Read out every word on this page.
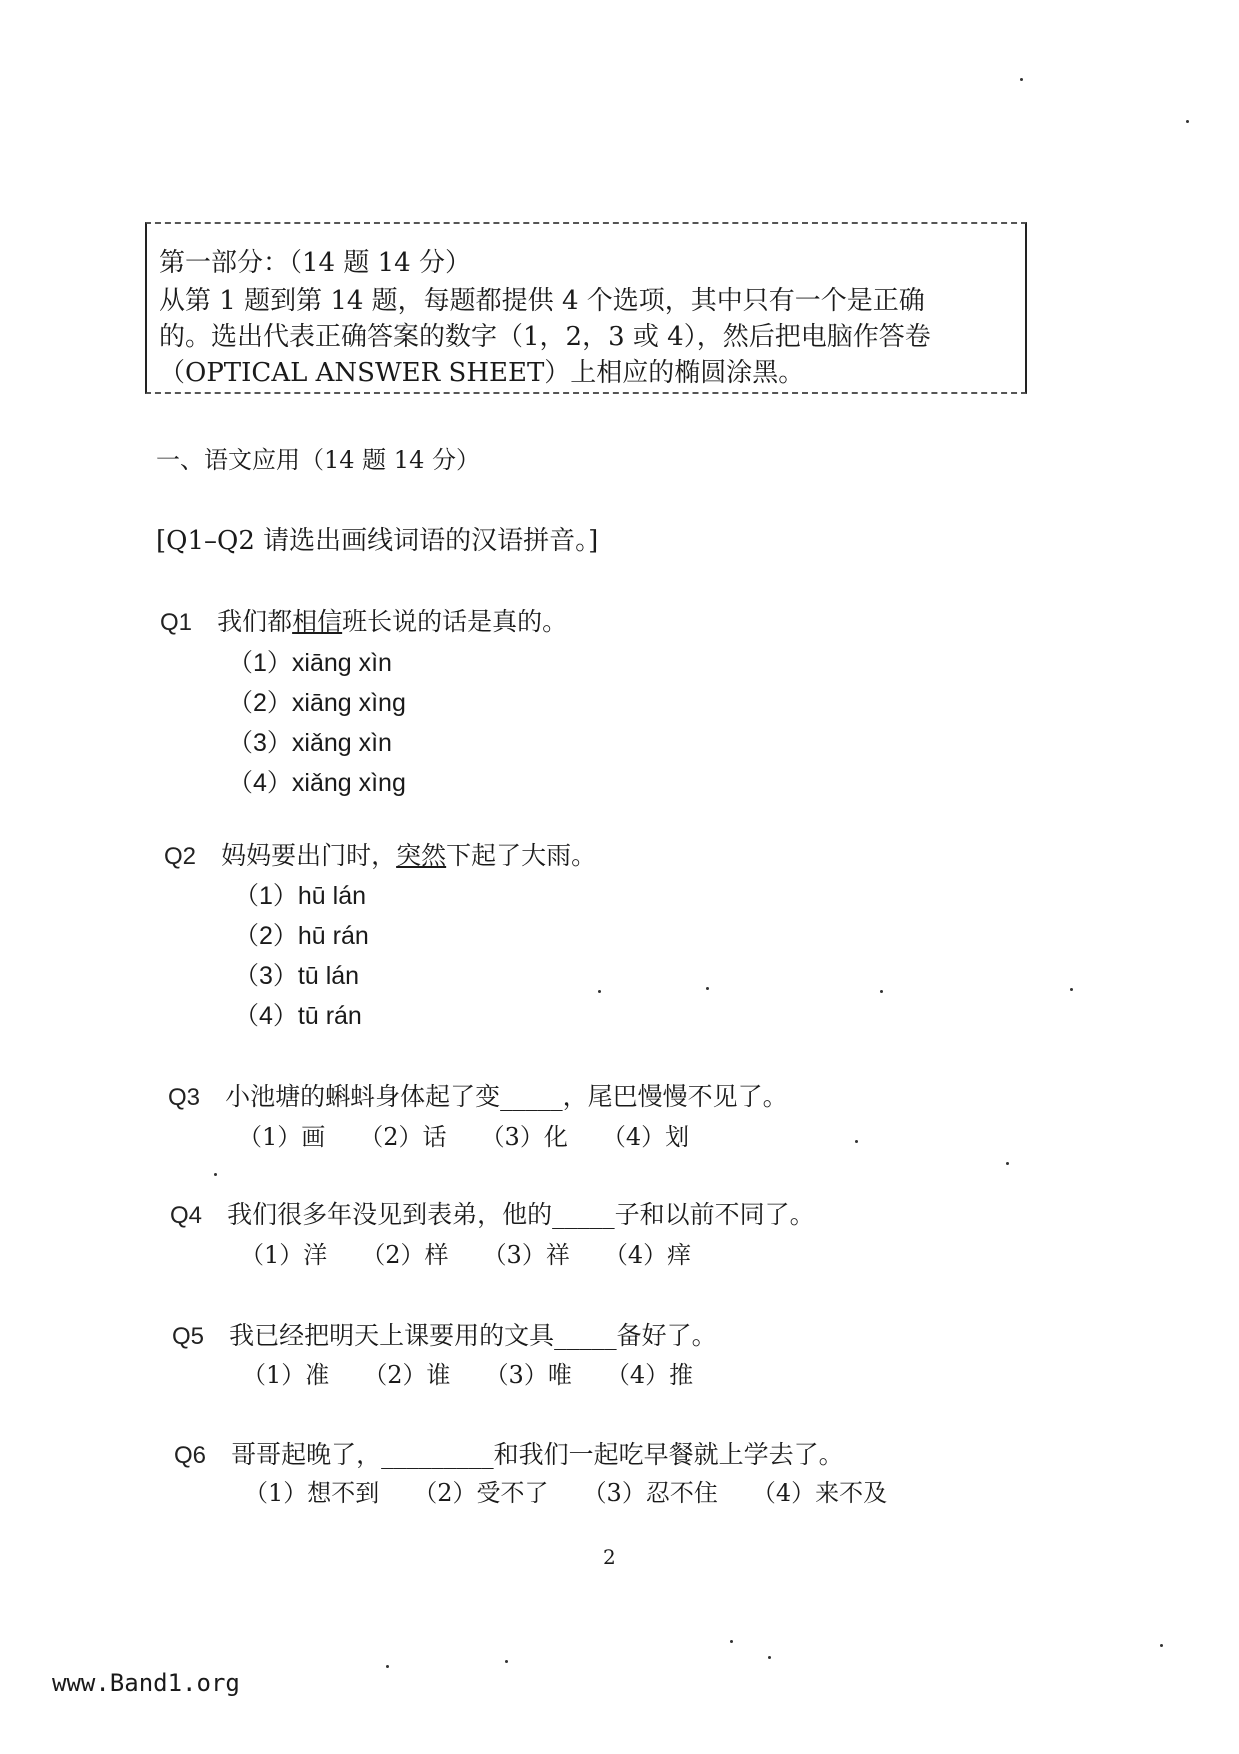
第一部分：（14 题 14 分）
从第 1 题到第 14 题，每题都提供 4 个选项，其中只有一个是正确
的。选出代表正确答案的数字（1，2，3 或 4），然后把电脑作答卷
（OPTICAL ANSWER SHEET）上相应的椭圆涂黑。
一、语文应用（14 题 14 分）
[Q1–Q2 请选出画线词语的汉语拼音。]
Q1 我们都相信班长说的话是真的。
（1）xiāng xìn
（2）xiāng xìng
（3）xiǎng xìn
（4）xiǎng xìng
Q2 妈妈要出门时，突然下起了大雨。
（1）hū lán
（2）hū rán
（3）tū lán
（4）tū rán
Q3 小池塘的蝌蚪身体起了变_____，尾巴慢慢不见了。
（1）画 （2）话 （3）化 （4）划
Q4 我们很多年没见到表弟，他的_____子和以前不同了。
（1）洋 （2）样 （3）祥 （4）痒
Q5 我已经把明天上课要用的文具_____备好了。
（1）准 （2）谁 （3）唯 （4）推
Q6 哥哥起晚了，_________和我们一起吃早餐就上学去了。
（1）想不到 （2）受不了 （3）忍不住 （4）来不及
2
www.Band1.org
